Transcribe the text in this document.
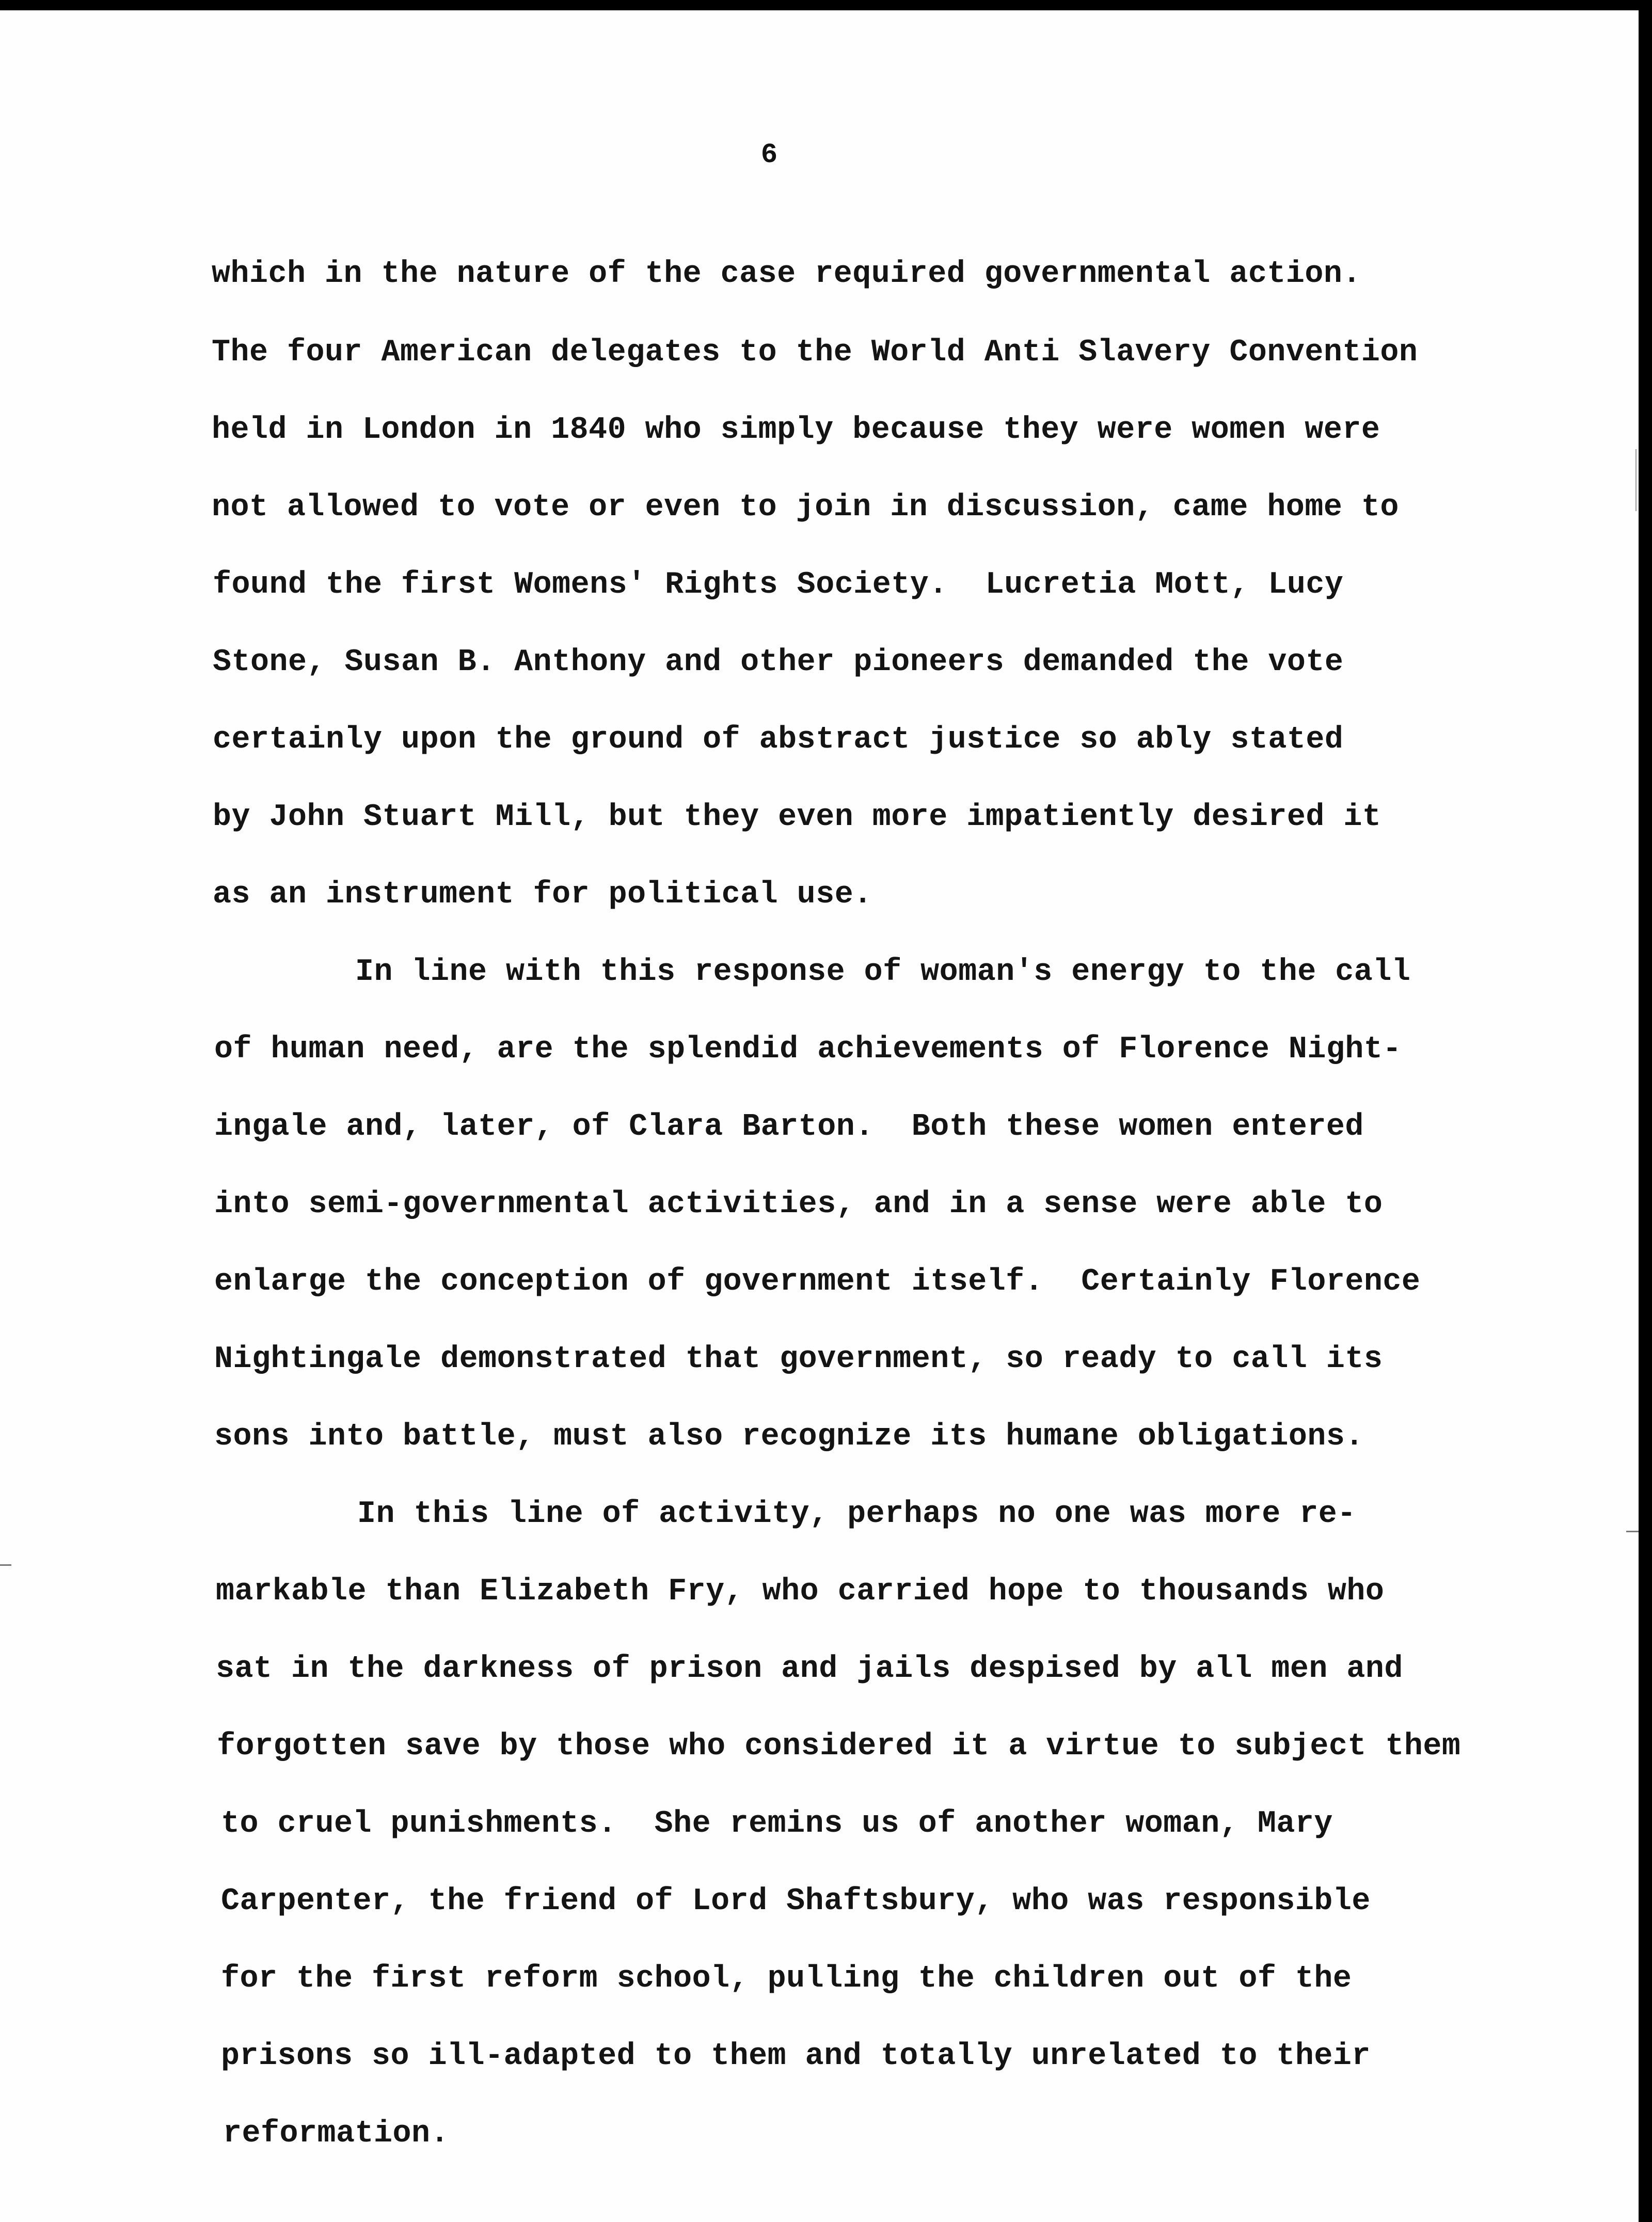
6
which in the nature of the case required governmental action.
The four American delegates to the World Anti Slavery Convention
held in London in 1840 who simply because they were women were
not allowed to vote or even to join in discussion, came home to
found the first Womens' Rights Society.  Lucretia Mott, Lucy
Stone, Susan B. Anthony and other pioneers demanded the vote
certainly upon the ground of abstract justice so ably stated
by John Stuart Mill, but they even more impatiently desired it
as an instrument for political use.
In line with this response of woman's energy to the call
of human need, are the splendid achievements of Florence Night-
ingale and, later, of Clara Barton.  Both these women entered
into semi-governmental activities, and in a sense were able to
enlarge the conception of government itself.  Certainly Florence
Nightingale demonstrated that government, so ready to call its
sons into battle, must also recognize its humane obligations.
In this line of activity, perhaps no one was more re-
markable than Elizabeth Fry, who carried hope to thousands who
sat in the darkness of prison and jails despised by all men and
forgotten save by those who considered it a virtue to subject them
to cruel punishments.  She remins us of another woman, Mary
Carpenter, the friend of Lord Shaftsbury, who was responsible
for the first reform school, pulling the children out of the
prisons so ill-adapted to them and totally unrelated to their
reformation.
